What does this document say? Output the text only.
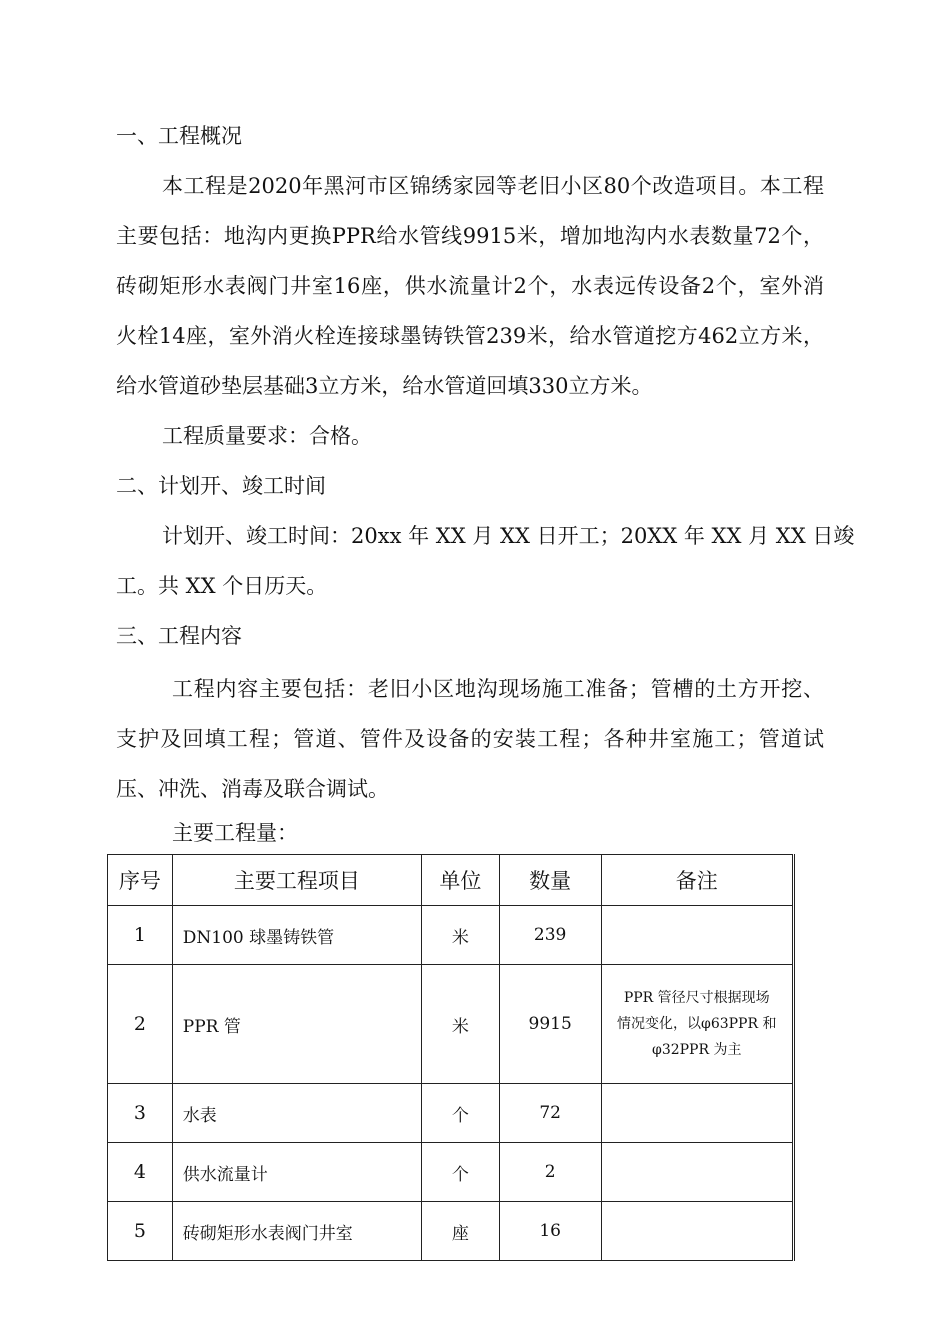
一、工程概况
本工程是2020年黑河市区锦绣家园等老旧小区80个改造项目。本工程
主要包括：地沟内更换PPR给水管线9915米，增加地沟内水表数量72个，
砖砌矩形水表阀门井室16座，供水流量计2个，水表远传设备2个，室外消
火栓14座，室外消火栓连接球墨铸铁管239米，给水管道挖方462立方米，
给水管道砂垫层基础3立方米，给水管道回填330立方米。
工程质量要求：合格。
二、计划开、竣工时间
计划开、竣工时间：20xx 年 XX 月 XX 日开工；20XX 年 XX 月 XX 日竣
工。共 XX 个日历天。
三、工程内容
工程内容主要包括：老旧小区地沟现场施工准备；管槽的土方开挖、
支护及回填工程；管道、管件及设备的安装工程；各种井室施工；管道试
压、冲洗、消毒及联合调试。
主要工程量：
序号	主要工程项目	单位	数量	备注
1	DN100 球墨铸铁管	米	239	
2	PPR 管	米	9915	PPR 管径尺寸根据现场
情况变化，以φ63PPR 和
φ32PPR 为主

3	水表	个	72	
4	供水流量计	个	2	
5	砖砌矩形水表阀门井室	座	16	
